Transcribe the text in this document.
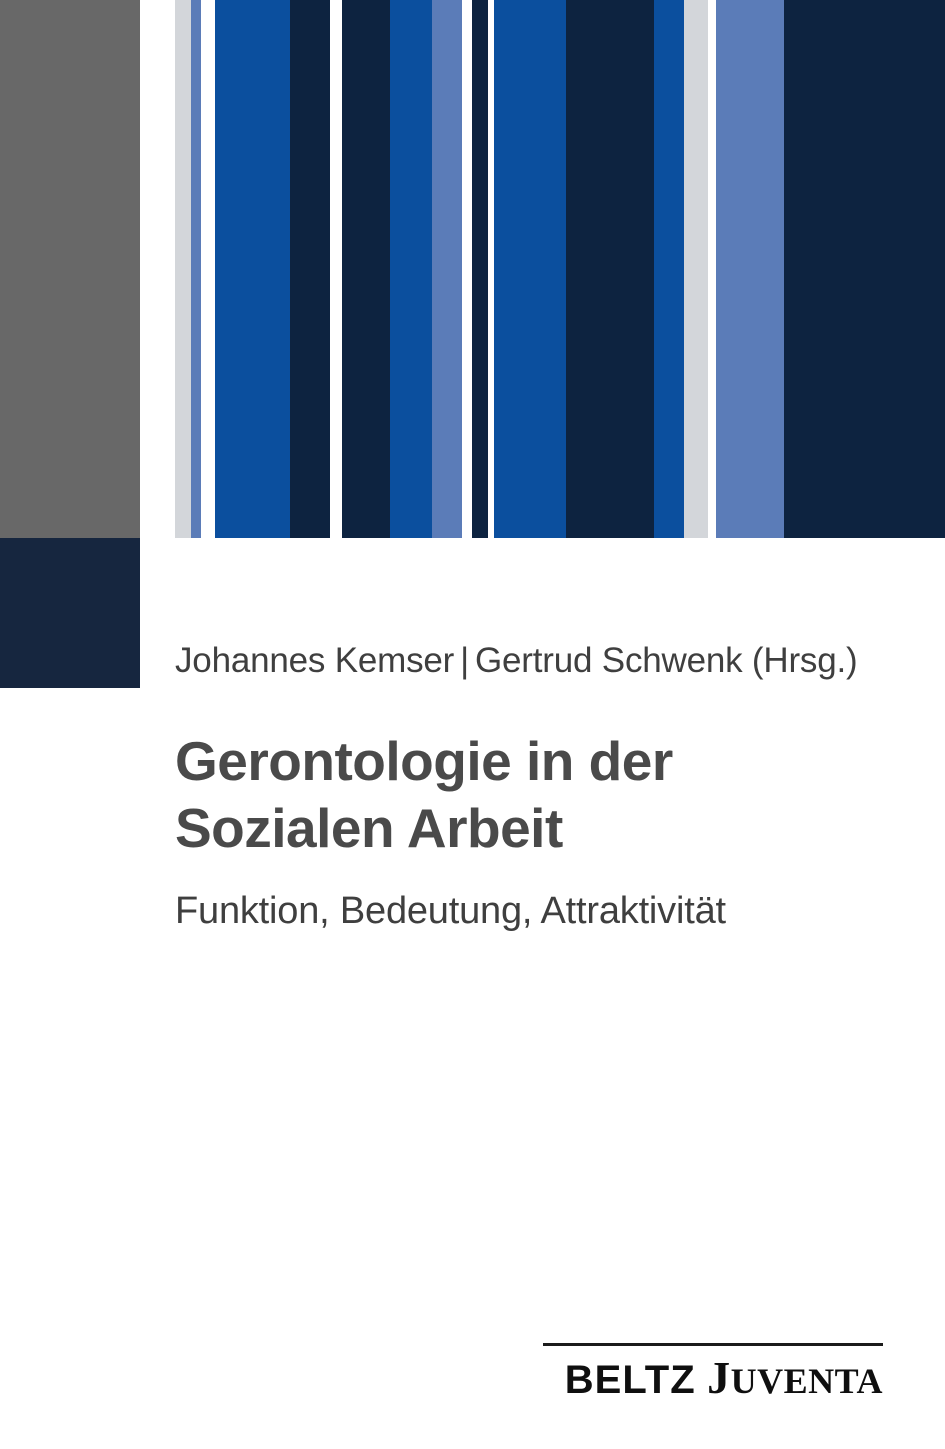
Johannes Kemser | Gertrud Schwenk (Hrsg.)
Gerontologie in der Sozialen Arbeit
Funktion, Bedeutung, Attraktivität
BELTZ JUVENTA
